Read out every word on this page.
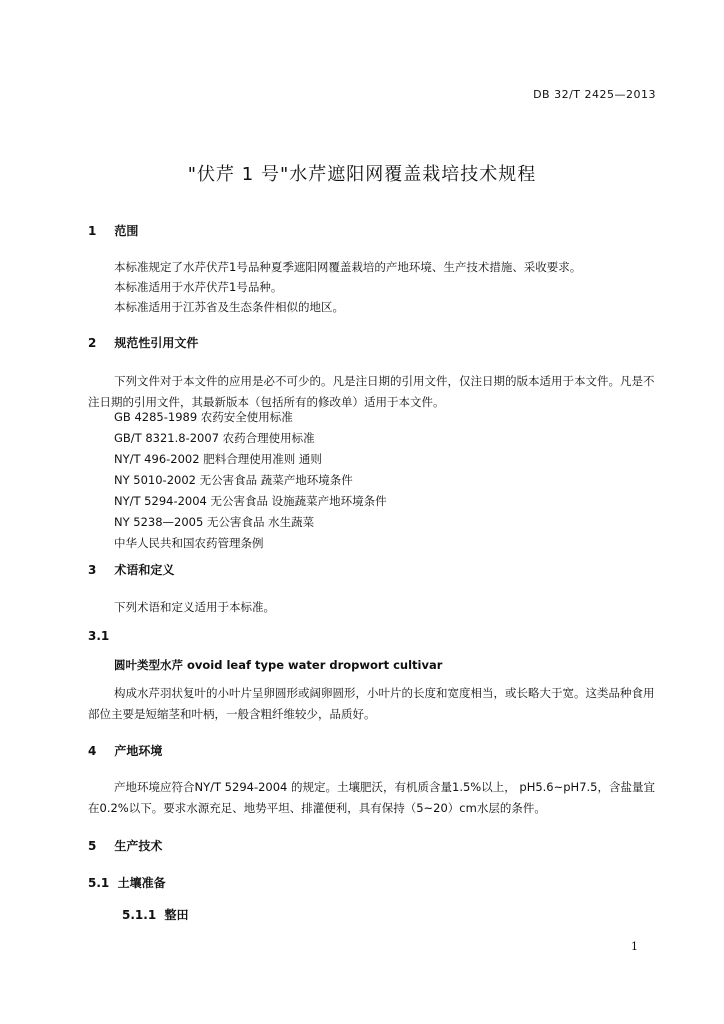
DB 32/T 2425—2013
"伏芹 1 号"水芹遮阳网覆盖栽培技术规程
1 范围
本标准规定了水芹伏芹1号品种夏季遮阳网覆盖栽培的产地环境、生产技术措施、采收要求。
本标准适用于水芹伏芹1号品种。
本标准适用于江苏省及生态条件相似的地区。
2 规范性引用文件
下列文件对于本文件的应用是必不可少的。凡是注日期的引用文件，仅注日期的版本适用于本文件。凡是不注日期的引用文件，其最新版本（包括所有的修改单）适用于本文件。
GB 4285-1989 农药安全使用标准
GB/T 8321.8-2007 农药合理使用标准
NY/T 496-2002 肥料合理使用准则 通则
NY 5010-2002 无公害食品 蔬菜产地环境条件
NY/T 5294-2004 无公害食品 设施蔬菜产地环境条件
NY 5238—2005 无公害食品 水生蔬菜
中华人民共和国农药管理条例
3 术语和定义
下列术语和定义适用于本标准。
3.1
圆叶类型水芹 ovoid leaf type water dropwort cultivar
构成水芹羽状复叶的小叶片呈卵圆形或阔卵圆形，小叶片的长度和宽度相当，或长略大于宽。这类品种食用部位主要是短缩茎和叶柄，一般含粗纤维较少，品质好。
4 产地环境
产地环境应符合NY/T 5294-2004 的规定。土壤肥沃，有机质含量1.5%以上， pH5.6~pH7.5，含盐量宜在0.2%以下。要求水源充足、地势平坦、排灌便利，具有保持（5~20）cm水层的条件。
5 生产技术
5.1 土壤准备
5.1.1 整田
1
